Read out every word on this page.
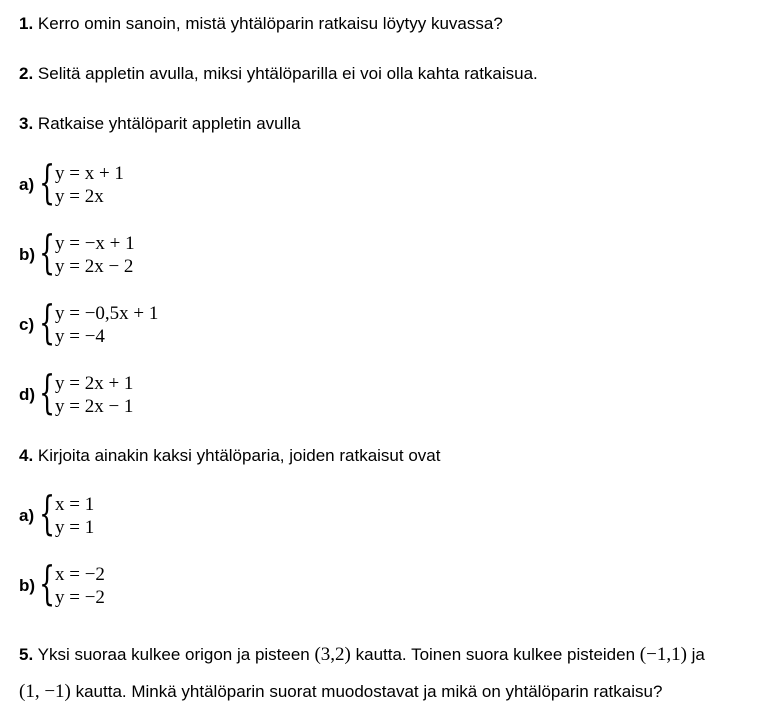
1. Kerro omin sanoin, mistä yhtälöparin ratkaisu löytyy kuvassa?
2. Selitä appletin avulla, miksi yhtälöparilla ei voi olla kahta ratkaisua.
3. Ratkaise yhtälöparit appletin avulla
a) { y = x + 1
y = 2x
b) { y = −x + 1
y = 2x − 2
c) { y = −0,5x + 1
y = −4
d) { y = 2x + 1
y = 2x − 1
4. Kirjoita ainakin kaksi yhtälöparia, joiden ratkaisut ovat
a) { x = 1
y = 1
b) { x = −2
y = −2
5. Yksi suoraa kulkee origon ja pisteen (3,2) kautta. Toinen suora kulkee pisteiden (−1,1) ja
(1, −1) kautta. Minkä yhtälöparin suorat muodostavat ja mikä on yhtälöparin ratkaisu?
